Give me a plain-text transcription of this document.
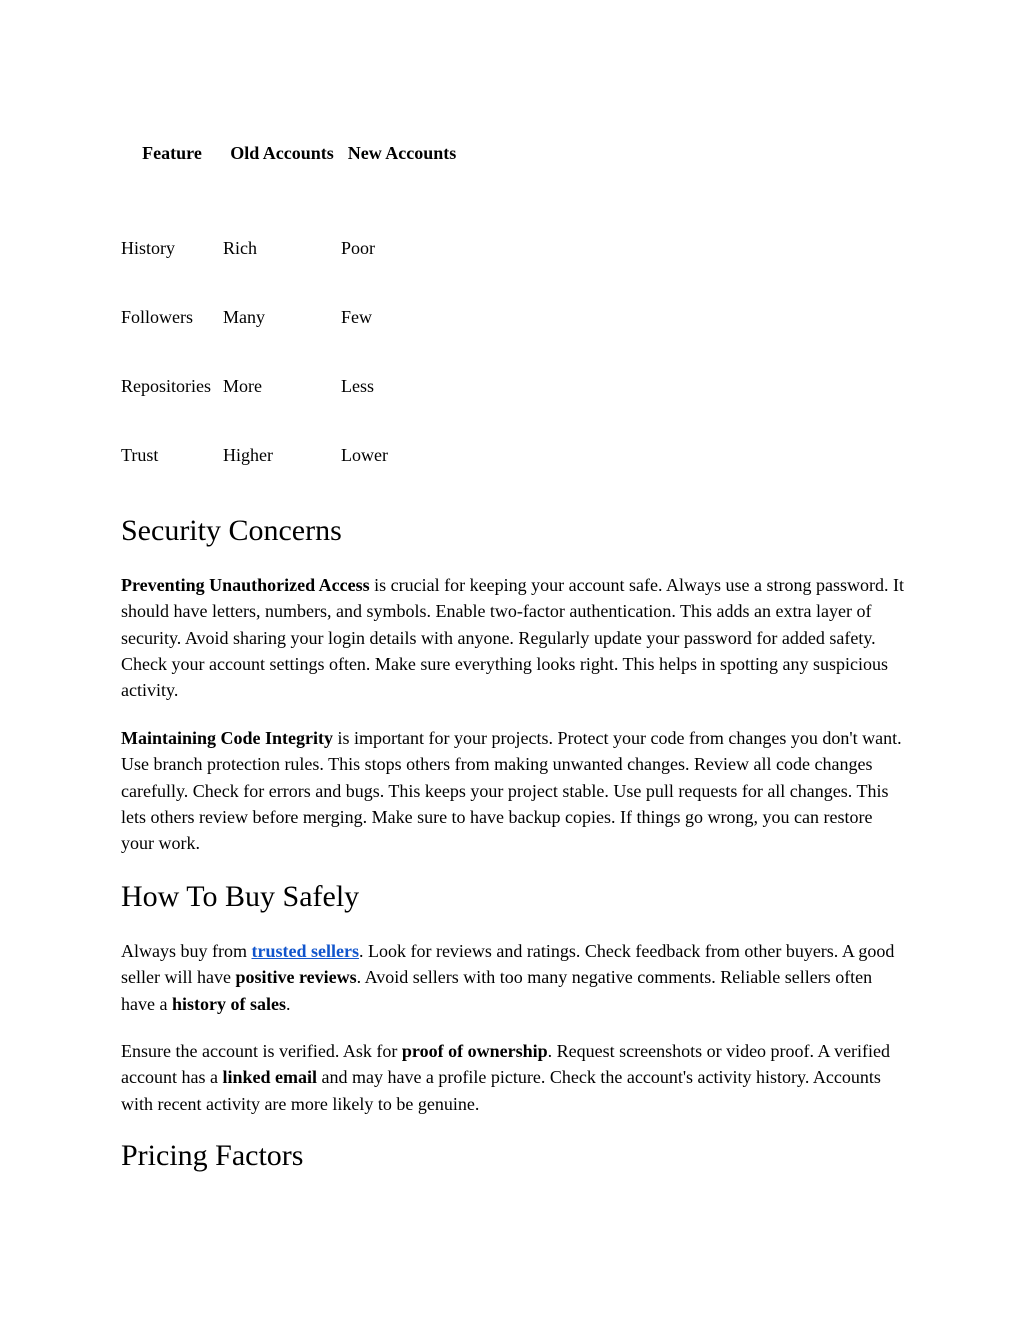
Feature	Old Accounts	New Accounts
History	Rich	Poor
Followers	Many	Few
Repositories	More	Less
Trust	Higher	Lower
Security Concerns

Preventing Unauthorized Access is crucial for keeping your account safe. Always use a strong password. It should have letters, numbers, and symbols. Enable two-factor authentication. This adds an extra layer of security. Avoid sharing your login details with anyone. Regularly update your password for added safety. Check your account settings often. Make sure everything looks right. This helps in spotting any suspicious activity.

Maintaining Code Integrity is important for your projects. Protect your code from changes you don't want. Use branch protection rules. This stops others from making unwanted changes. Review all code changes carefully. Check for errors and bugs. This keeps your project stable. Use pull requests for all changes. This lets others review before merging. Make sure to have backup copies. If things go wrong, you can restore your work.

How To Buy Safely

Always buy from trusted sellers. Look for reviews and ratings. Check feedback from other buyers. A good seller will have positive reviews. Avoid sellers with too many negative comments. Reliable sellers often have a history of sales.

Ensure the account is verified. Ask for proof of ownership. Request screenshots or video proof. A verified account has a linked email and may have a profile picture. Check the account's activity history. Accounts with recent activity are more likely to be genuine.

Pricing Factors
